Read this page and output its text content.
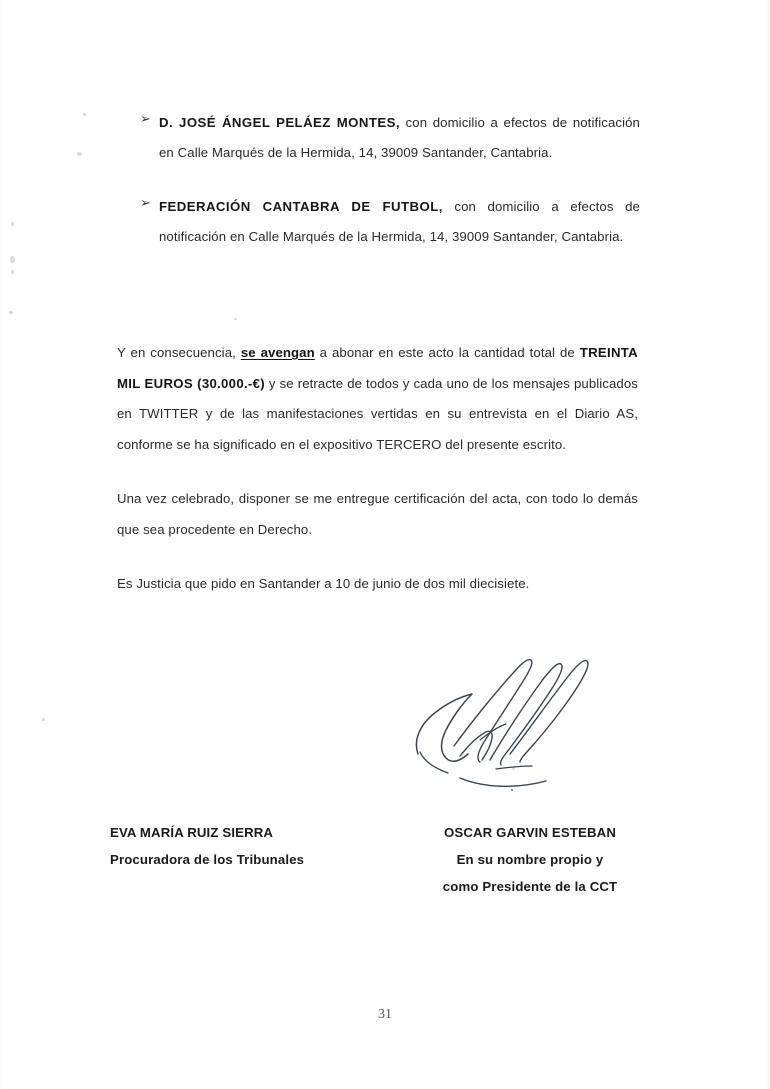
➢ D. JOSÉ ÁNGEL PELÁEZ MONTES, con domicilio a efectos de notificación en Calle Marqués de la Hermida, 14, 39009 Santander, Cantabria.
➢ FEDERACIÓN CANTABRA DE FUTBOL, con domicilio a efectos de notificación en Calle Marqués de la Hermida, 14, 39009 Santander, Cantabria.

Y en consecuencia, se avengan a abonar en este acto la cantidad total de TREINTA MIL EUROS (30.000.-€) y se retracte de todos y cada uno de los mensajes publicados en TWITTER y de las manifestaciones vertidas en su entrevista en el Diario AS, conforme se ha significado en el expositivo TERCERO del presente escrito.

Una vez celebrado, disponer se me entregue certificación del acta, con todo lo demás que sea procedente en Derecho.

Es Justicia que pido en Santander a 10 de junio de dos mil diecisiete.

EVA MARÍA RUIZ SIERRA
Procuradora de los Tribunales
OSCAR GARVIN ESTEBAN
En su nombre propio y
como Presidente de la CCT
31
